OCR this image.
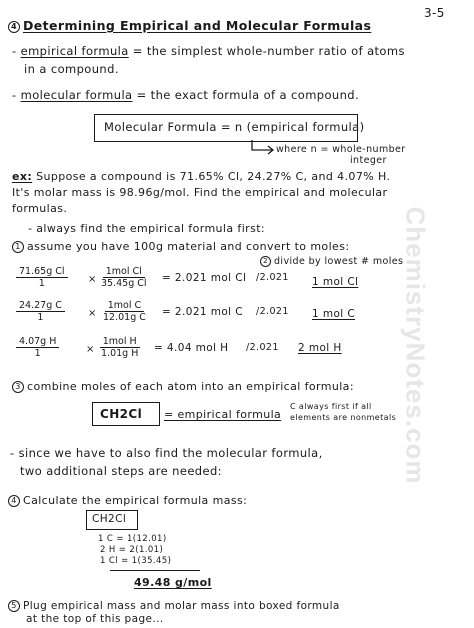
ChemistryNotes.com
3-5
4 Determining Empirical and Molecular Formulas
- empirical formula = the simplest whole-number ratio of atoms
in a compound.
- molecular formula = the exact formula of a compound.
Molecular Formula = n (empirical formula)
where n = whole-number
integer
ex: Suppose a compound is 71.65% Cl, 24.27% C, and 4.07% H.
It's molar mass is 98.96g/mol. Find the empirical and molecular
formulas.
- always find the empirical formula first:
1 assume you have 100g material and convert to moles:
2 divide by lowest # moles
$\frac{\text{71.65g Cl}}{1}$ ×
1mol Cl
35.45g Cl = 2.021 mol Cl /2.021 1 mol Cl
$\frac{\text{24.27g C}}{1}$ ×
1mol C
12.01g C = 2.021 mol C /2.021 1 mol C
$\frac{\text{4.07g H}}{1}$	×
1mol H
1.01g H = 4.04 mol H /2.021 2 mol H
3 combine moles of each atom into an empirical formula:
CH2Cl = empirical formula
C always first if all
elements are nonmetals
- since we have to also find the molecular formula,
two additional steps are needed:
4 Calculate the empirical formula mass:
CH2Cl
1 C = 1(12.01)
2 H = 2(1.01)
1 Cl = 1(35.45)
49.48 g/mol
5 Plug empirical mass and molar mass into boxed formula
at the top of this page...
